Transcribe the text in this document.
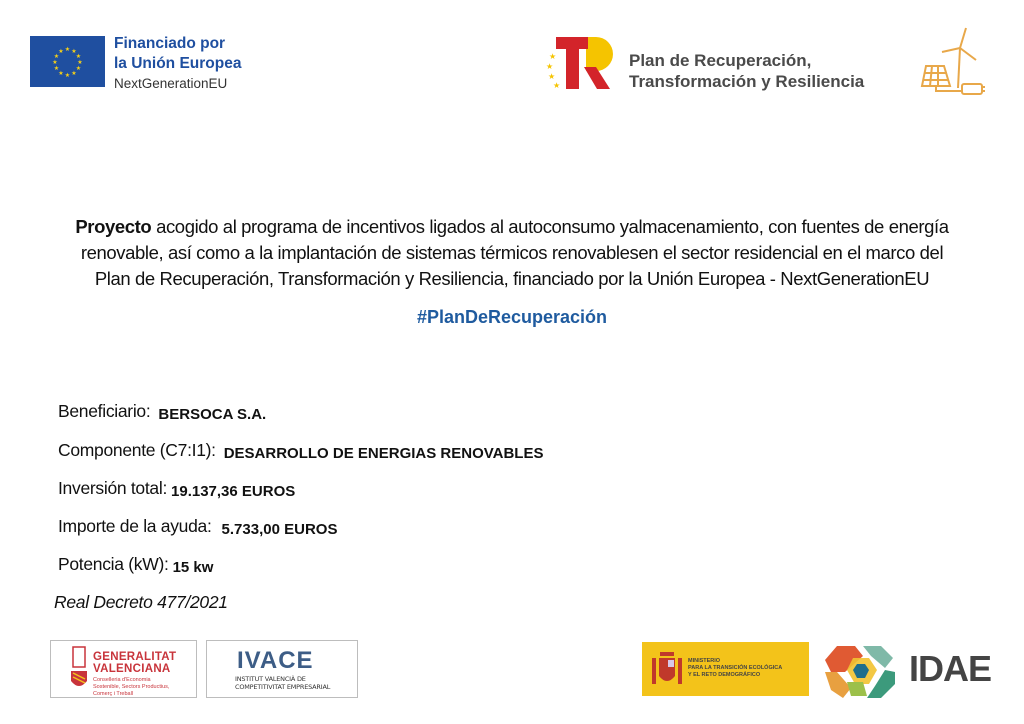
★ ★
★
★
★
★
★
★
★
★
★
★	Financiado por
la Unión Europea
NextGenerationEU
★
★
★
★
Plan de Recuperación,
Transformación y Resiliencia
Proyecto acogido al programa de incentivos ligados al autoconsumo yalmacenamiento, con fuentes de energía
renovable, así como a la implantación de sistemas térmicos renovablesen el sector residencial en el marco del
Plan de Recuperación, Transformación y Resiliencia, financiado por la Unión Europea - NextGenerationEU
#PlanDeRecuperación
Beneficiario: BERSOCA S.A.
Componente (C7:I1): DESARROLLO DE ENERGIAS RENOVABLES
Inversión total: 19.137,36 EUROS
Importe de la ayuda: 5.733,00 EUROS
Potencia (kW): 15 kw
Real Decreto 477/2021
GENERALITAT
VALENCIANA
Conselleria d'Economia
Sostenible, Sectors Productius,
Comerç i Treball
IVACE
INSTITUT VALENCIÀ DE
COMPETITIVITAT EMPRESARIAL
MINISTERIO
PARA LA TRANSICIÓN ECOLÓGICA
Y EL RETO DEMOGRÁFICO	IDAE
